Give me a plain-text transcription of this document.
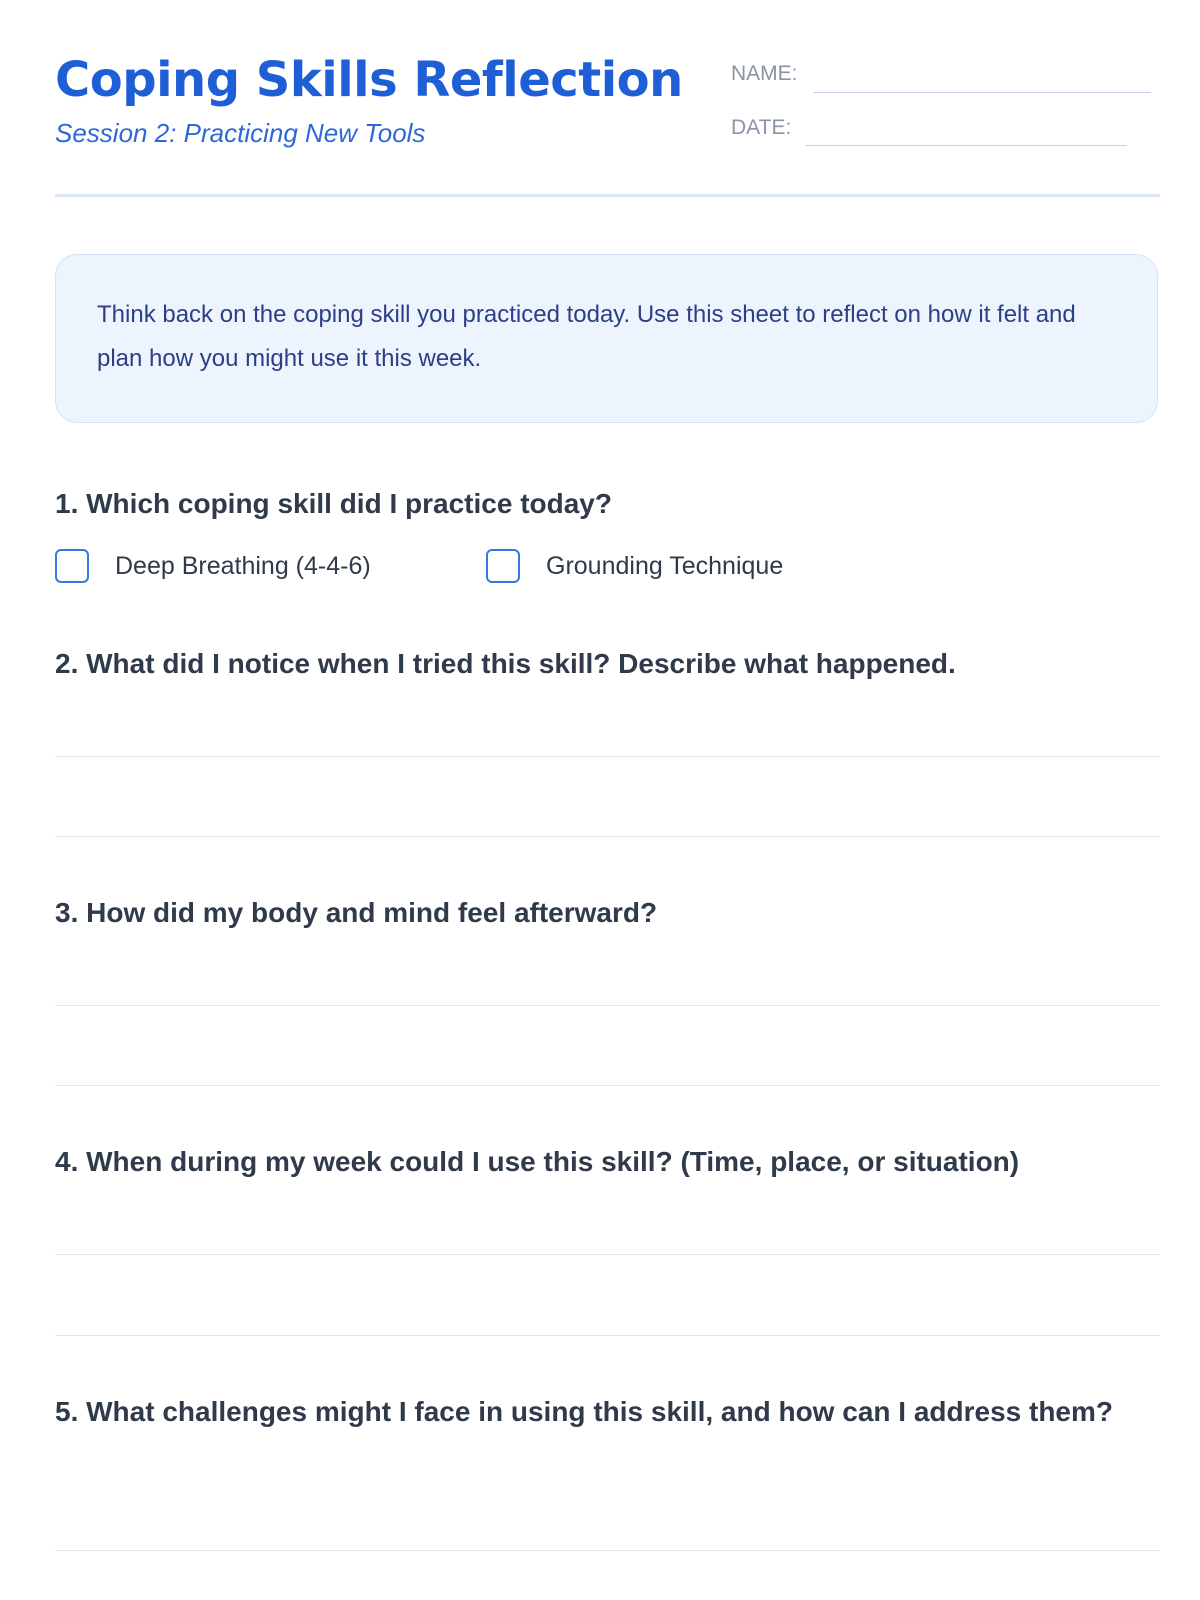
Coping Skills Reflection
Session 2: Practicing New Tools
NAME:
DATE:

Think back on the coping skill you practiced today. Use this sheet to reflect on how it felt and plan how you might use it this week.

1. Which coping skill did I practice today?
Deep Breathing (4-4-6)	Grounding Technique
2. What did I notice when I tried this skill? Describe what happened.
3. How did my body and mind feel afterward?
4. When during my week could I use this skill? (Time, place, or situation)
5. What challenges might I face in using this skill, and how can I address them?
